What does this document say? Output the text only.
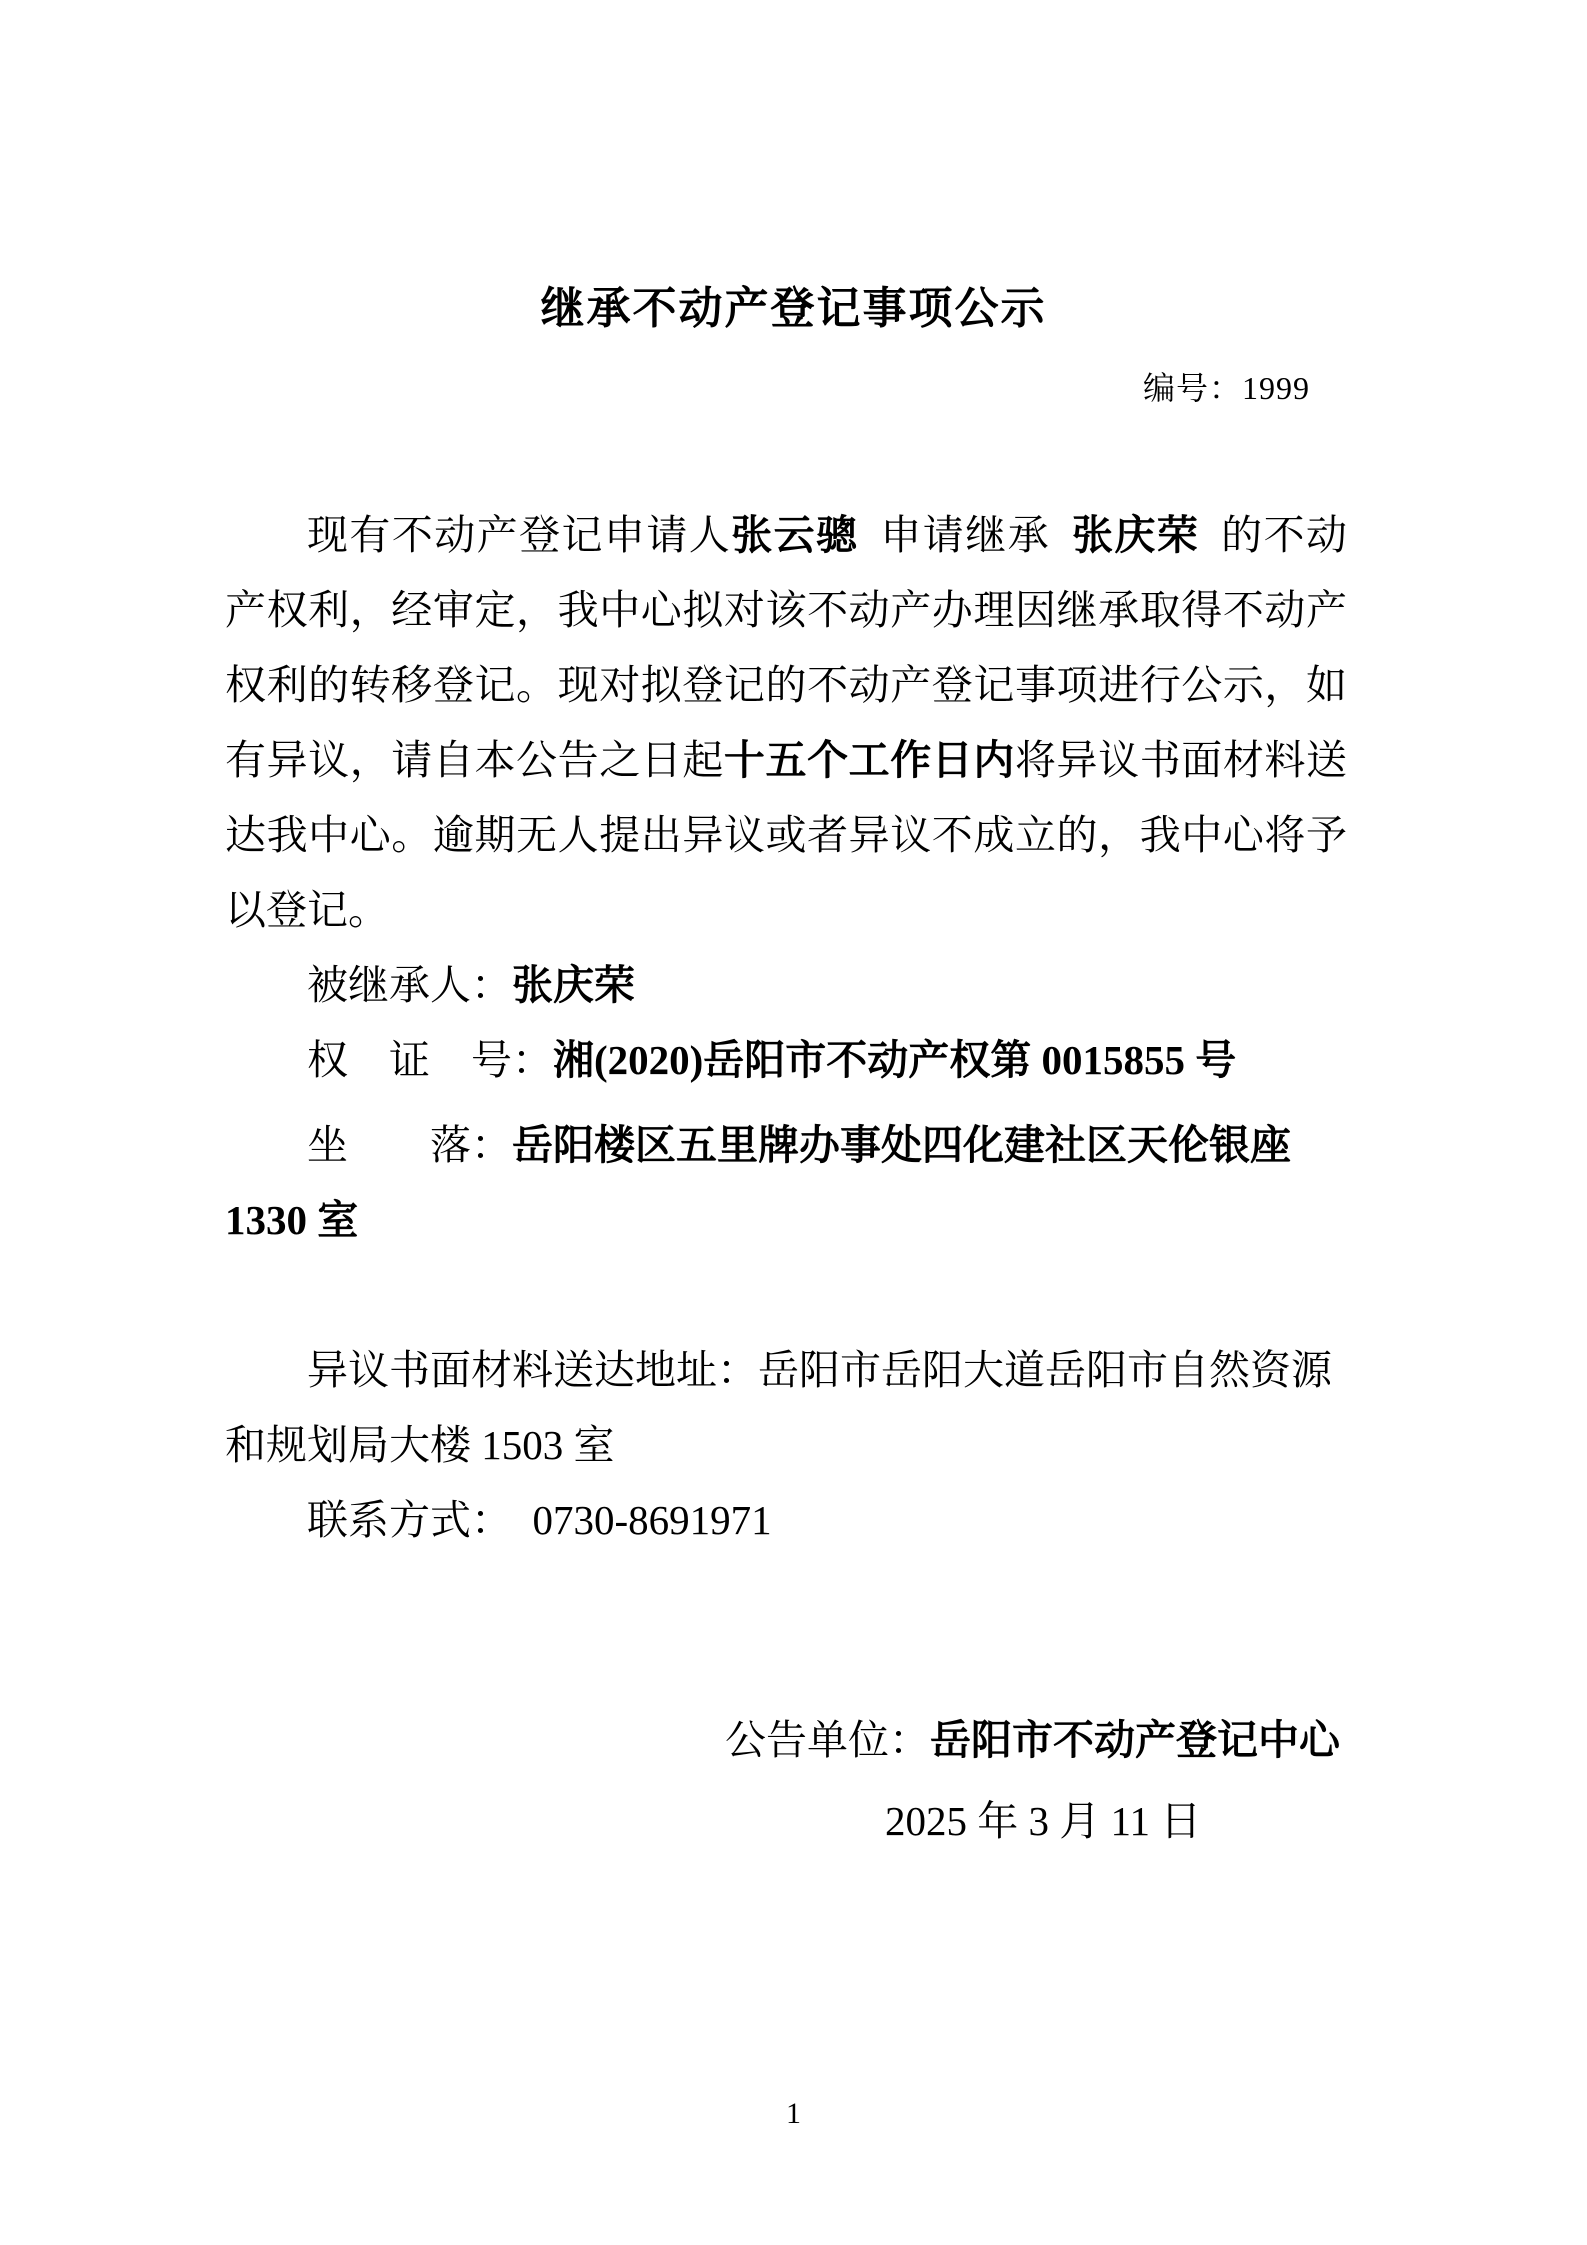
继承不动产登记事项公示
编号：1999

现有不动产登记申请人张云骢 申请继承 张庆荣 的不动产权利，经审定，我中心拟对该不动产办理因继承取得不动产权利的转移登记。现对拟登记的不动产登记事项进行公示，如有异议，请自本公告之日起十五个工作日内将异议书面材料送达我中心。逾期无人提出异议或者异议不成立的，我中心将予以登记。

被继承人：张庆荣

权　证　号：湘(2020)岳阳市不动产权第 0015855 号

坐　　落：岳阳楼区五里牌办事处四化建社区天伦银座

1330 室

异议书面材料送达地址：岳阳市岳阳大道岳阳市自然资源

和规划局大楼 1503 室

联系方式：　0730-8691971

公告单位：岳阳市不动产登记中心
2025 年 3 月 11 日
1
